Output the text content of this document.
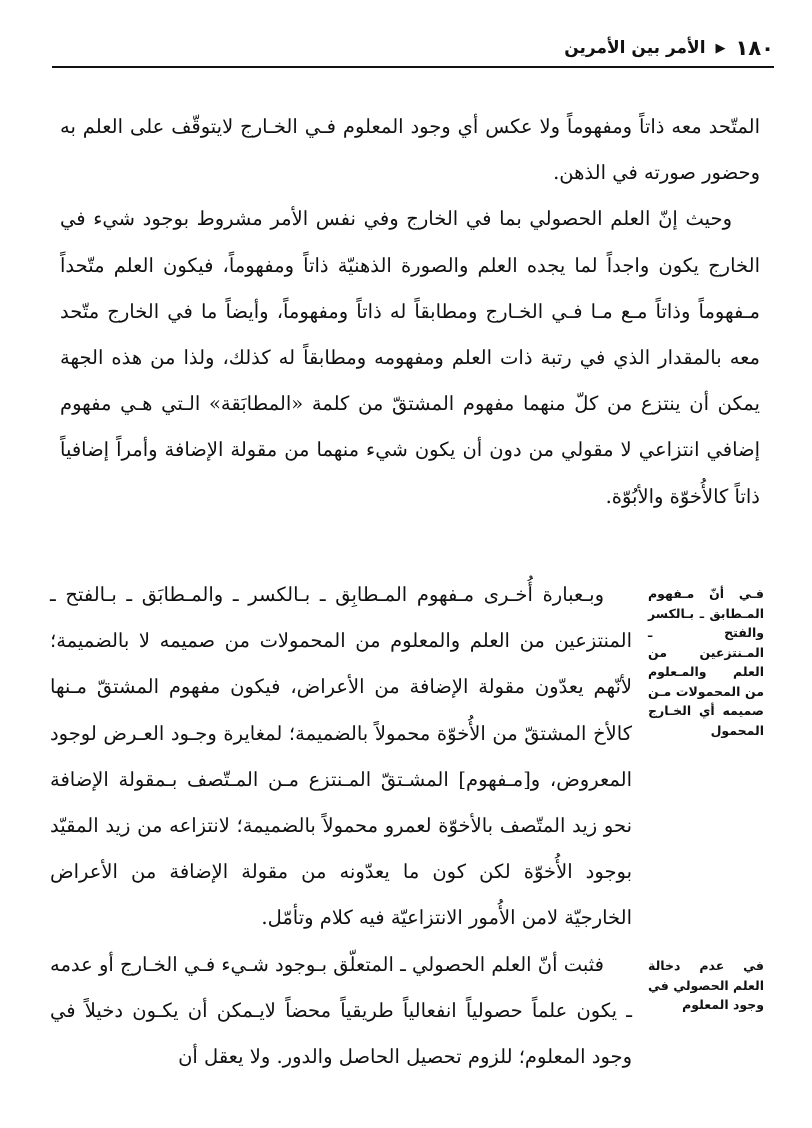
الأمر بين الأمرين ▶ ١٨٠

المتّحد معه ذاتاً ومفهوماً ولا عكس أي وجود المعلوم فـي الخـارج لايتوقّف على العلم به وحضور صورته في الذهن.

وحيث إنّ العلم الحصولي بما في الخارج وفي نفس الأمر مشروط بوجود شيء في الخارج يكون واجداً لما يجده العلم والصورة الذهنيّة ذاتاً ومفهوماً، فيكون العلم متّحداً مـفهوماً وذاتاً مـع مـا فـي الخـارج ومطابقاً له ذاتاً ومفهوماً، وأيضاً ما في الخارج متّحد معه بالمقدار الذي في رتبة ذات العلم ومفهومه ومطابقاً له كذلك، ولذا من هذه الجهة يمكن أن ينتزع من كلّ منهما مفهوم المشتقّ من كلمة «المطابَقة» الـتي هـي مفهوم إضافي انتزاعي لا مقولي من دون أن يكون شيء منهما من مقولة الإضافة وأمراً إضافياً ذاتاً كالأُخوّة والأبُوّة.

فـي أنّ مـفهوم المـطابق ـ بـالكسر والفتح ـ المـنتزعين من العلم والمـعلوم من المحمولات مـن صميمه أي الخـارج المحمول

وبـعبارة أُخـرى مـفهوم المـطابِق ـ بـالكسر ـ والمـطابَق ـ بـالفتح ـ المنتزعين من العلم والمعلوم من المحمولات من صميمه لا بالضميمة؛ لأنّهم يعدّون مقولة الإضافة من الأعراض، فيكون مفهوم المشتقّ مـنها كالأخ المشتقّ من الأُخوّة محمولاً بالضميمة؛ لمغايرة وجـود العـرض لوجود المعروض، و[مـفهوم] المشـتقّ المـنتزع مـن المـتّصف بـمقولة الإضافة نحو زيد المتّصف بالأخوّة لعمرو محمولاً بالضميمة؛ لانتزاعه من زيد المقيّد بوجود الأُخوّة لكن كون ما يعدّونه من مقولة الإضافة من الأعراض الخارجيّة لامن الأُمور الانتزاعيّة فيه كلام وتأمّل.

في عدم دخالة العلم الحصولي في وجود المعلوم

فثبت أنّ العلم الحصولي ـ المتعلّق بـوجود شـيء فـي الخـارج أو عدمه ـ يكون علماً حصولياً انفعالياً طريقياً محضاً لايـمكن أن يكـون دخيلاً في وجود المعلوم؛ للزوم تحصيل الحاصل والدور. ولا يعقل أن
